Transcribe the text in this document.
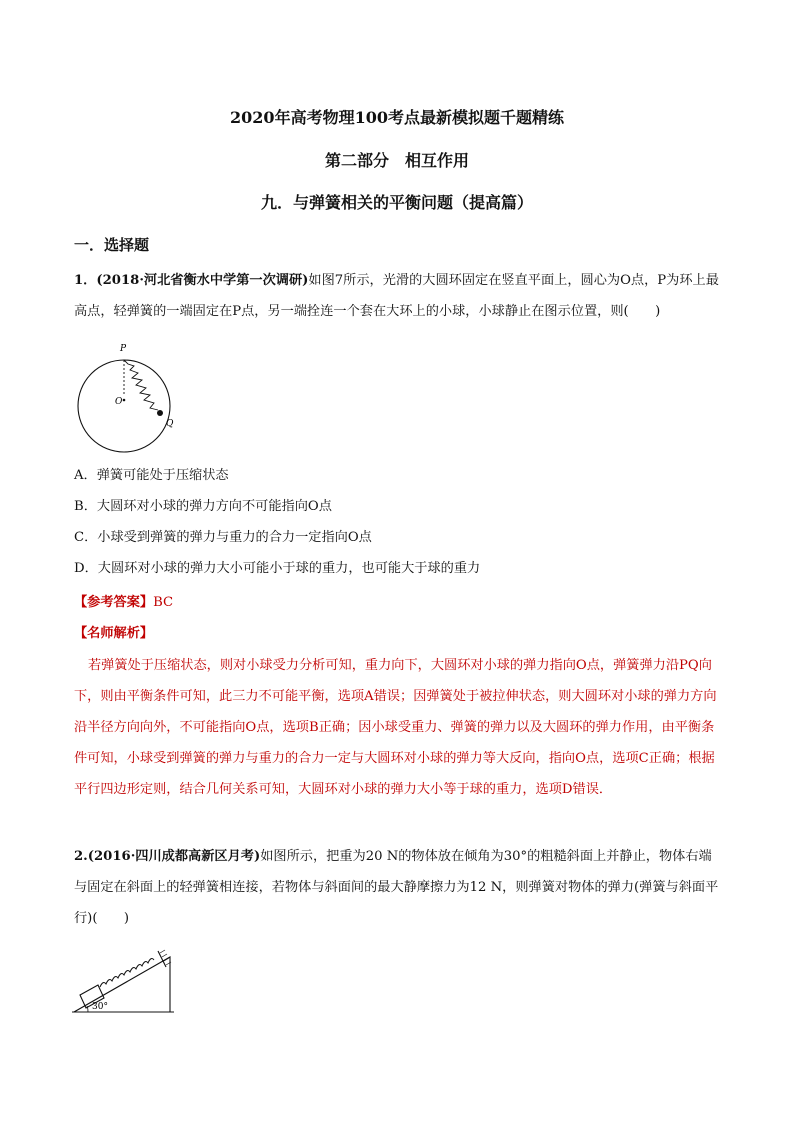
2020年高考物理100考点最新模拟题千题精练
第二部分　相互作用
九．与弹簧相关的平衡问题（提高篇）
一．选择题
1．(2018·河北省衡水中学第一次调研)如图7所示，光滑的大圆环固定在竖直平面上，圆心为O点，P为环上最高点，轻弹簧的一端固定在P点，另一端拴连一个套在大环上的小球，小球静止在图示位置，则(　　)
P
O
Q
A．弹簧可能处于压缩状态
B．大圆环对小球的弹力方向不可能指向O点
C．小球受到弹簧的弹力与重力的合力一定指向O点
D．大圆环对小球的弹力大小可能小于球的重力，也可能大于球的重力
【参考答案】BC
【名师解析】
若弹簧处于压缩状态，则对小球受力分析可知，重力向下，大圆环对小球的弹力指向O点，弹簧弹力沿PQ向下，则由平衡条件可知，此三力不可能平衡，选项A错误；因弹簧处于被拉伸状态，则大圆环对小球的弹力方向沿半径方向向外，不可能指向O点，选项B正确；因小球受重力、弹簧的弹力以及大圆环的弹力作用，由平衡条件可知，小球受到弹簧的弹力与重力的合力一定与大圆环对小球的弹力等大反向，指向O点，选项C正确；根据平行四边形定则，结合几何关系可知，大圆环对小球的弹力大小等于球的重力，选项D错误．
2.(2016·四川成都高新区月考)如图所示，把重为20 N的物体放在倾角为30°的粗糙斜面上并静止，物体右端与固定在斜面上的轻弹簧相连接，若物体与斜面间的最大静摩擦力为12 N，则弹簧对物体的弹力(弹簧与斜面平行)(　　)
30°
